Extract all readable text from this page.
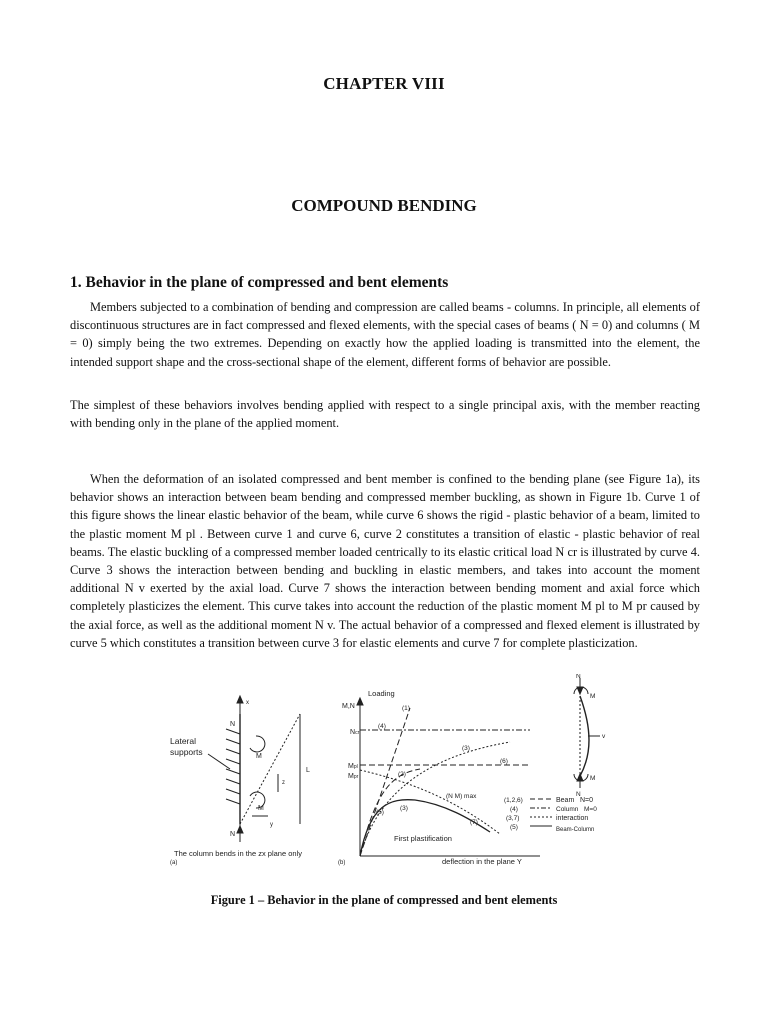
CHAPTER VIII
COMPOUND BENDING
1. Behavior in the plane of compressed and bent elements

Members subjected to a combination of bending and compression are called beams - columns. In principle, all elements of discontinuous structures are in fact compressed and flexed elements, with the special cases of beams ( N = 0) and columns ( M = 0) simply being the two extremes. Depending on exactly how the applied loading is transmitted into the element, the intended support shape and the cross-sectional shape of the element, different forms of behavior are possible.

The simplest of these behaviors involves bending applied with respect to a single principal axis, with the member reacting with bending only in the plane of the applied moment.

When the deformation of an isolated compressed and bent member is confined to the bending plane (see Figure 1a), its behavior shows an interaction between beam bending and compressed member buckling, as shown in Figure 1b. Curve 1 of this figure shows the linear elastic behavior of the beam, while curve 6 shows the rigid - plastic behavior of a beam, limited to the plastic moment M pl . Between curve 1 and curve 6, curve 2 constitutes a transition of elastic - plastic behavior of real beams. The elastic buckling of a compressed member loaded centrically to its elastic critical load N cr is illustrated by curve 4. Curve 3 shows the interaction between bending and buckling in elastic members, and takes into account the moment additional N v exerted by the axial load. Curve 7 shows the interaction between bending moment and axial force which completely plasticizes the element. This curve takes into account the reduction of the plastic moment M pl to M pr caused by the axial force, as well as the additional moment N v. The actual behavior of a compressed and flexed element is illustrated by curve 5 which constitutes a transition between curve 3 for elastic elements and curve 7 for complete plasticization.

Lateral
supports
N
N
M
M
x
y
z
L
The column bends in the zx plane only
(a)
Loading
M,N
Ncr
Mpl
Mpr
(1)
(4)
(3)
(6)
(2)
(3)
(5)
(7)
(N M) max
First plastification
deflection in the plane Y
(b)
(1,2,6)	Beam N=0
(4)	Column M=0
(3,7)	interaction
(5)	Beam-Column
N
N
M
M
v
Figure 1 – Behavior in the plane of compressed and bent elements
